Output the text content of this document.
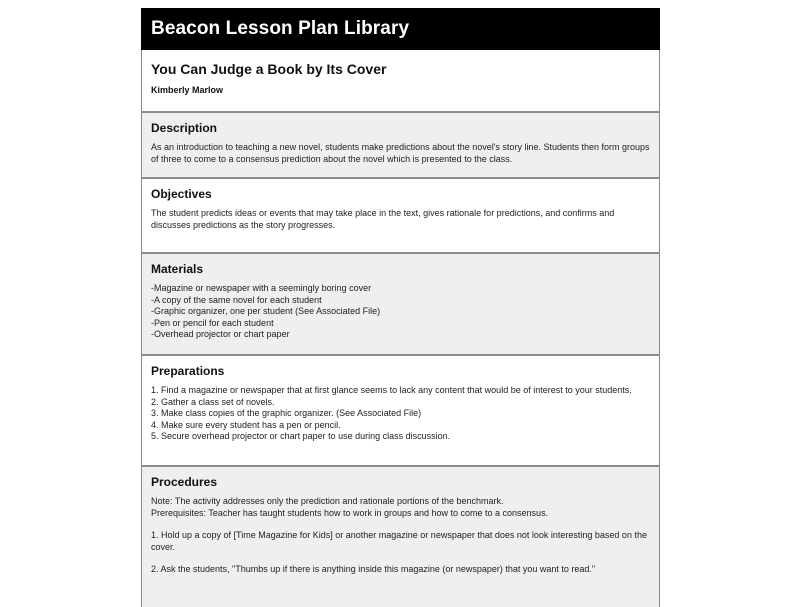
Beacon Lesson Plan Library
You Can Judge a Book by Its Cover

Kimberly Marlow

Description

As an introduction to teaching a new novel, students make predictions about the novel's story line. Students then form groups of three to come to a consensus prediction about the novel which is presented to the class.

Objectives

The student predicts ideas or events that may take place in the text, gives rationale for predictions, and confirms and discusses predictions as the story progresses.

Materials
-Magazine or newspaper with a seemingly boring cover
-A copy of the same novel for each student
-Graphic organizer, one per student (See Associated File)
-Pen or pencil for each student
-Overhead projector or chart paper
Preparations
1. Find a magazine or newspaper that at first glance seems to lack any content that would be of interest to your students.
2. Gather a class set of novels.
3. Make class copies of the graphic organizer. (See Associated File)
4. Make sure every student has a pen or pencil.
5. Secure overhead projector or chart paper to use during class discussion.
Procedures
Note: The activity addresses only the prediction and rationale portions of the benchmark.
Prerequisites: Teacher has taught students how to work in groups and how to come to a consensus.
1. Hold up a copy of [Time Magazine for Kids] or another magazine or newspaper that does not look interesting based on the cover.
2. Ask the students, "Thumbs up if there is anything inside this magazine (or newspaper) that you want to read."
